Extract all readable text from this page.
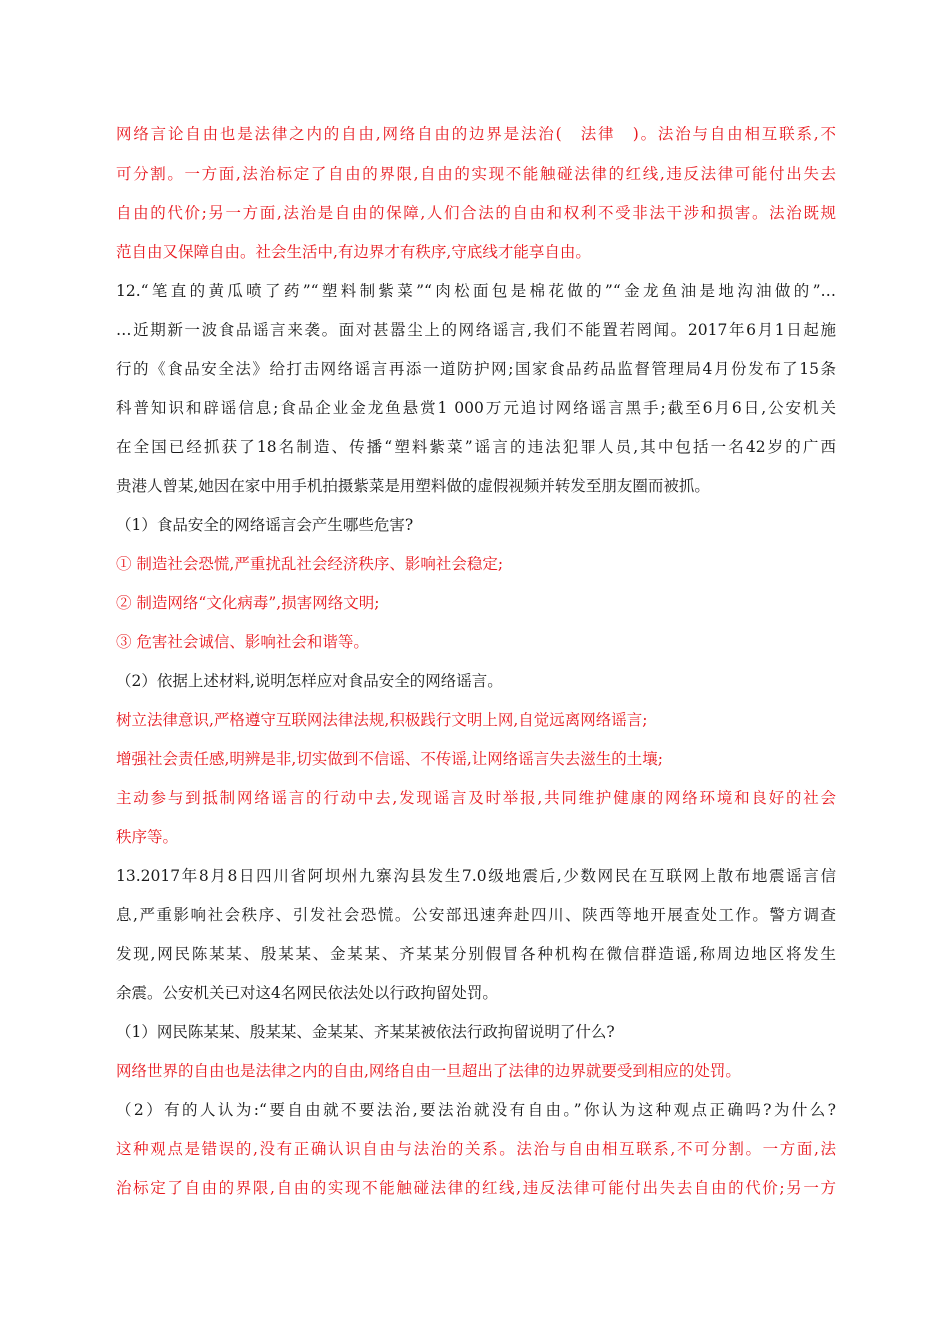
网络言论自由也是法律之内的自由,网络自由的边界是法治(　法律　)。法治与自由相互联系,不
可分割。一方面,法治标定了自由的界限,自由的实现不能触碰法律的红线,违反法律可能付出失去
自由的代价;另一方面,法治是自由的保障,人们合法的自由和权利不受非法干涉和损害。法治既规
范自由又保障自由。社会生活中,有边界才有秩序,守底线才能享自由。
12.“笔直的黄瓜喷了药”“塑料制紫菜”“肉松面包是棉花做的”“金龙鱼油是地沟油做的”…
…近期新一波食品谣言来袭。面对甚嚣尘上的网络谣言,我们不能置若罔闻。2017年6月1日起施
行的《食品安全法》给打击网络谣言再添一道防护网;国家食品药品监督管理局4月份发布了15条
科普知识和辟谣信息;食品企业金龙鱼悬赏1 000万元追讨网络谣言黑手;截至6月6日,公安机关
在全国已经抓获了18名制造、传播“塑料紫菜”谣言的违法犯罪人员,其中包括一名42岁的广西
贵港人曾某,她因在家中用手机拍摄紫菜是用塑料做的虚假视频并转发至朋友圈而被抓。
（1）食品安全的网络谣言会产生哪些危害?
① 制造社会恐慌,严重扰乱社会经济秩序、影响社会稳定;
② 制造网络“文化病毒”,损害网络文明;
③ 危害社会诚信、影响社会和谐等。
（2）依据上述材料,说明怎样应对食品安全的网络谣言。
树立法律意识,严格遵守互联网法律法规,积极践行文明上网,自觉远离网络谣言;
增强社会责任感,明辨是非,切实做到不信谣、不传谣,让网络谣言失去滋生的土壤;
主动参与到抵制网络谣言的行动中去,发现谣言及时举报,共同维护健康的网络环境和良好的社会
秩序等。
13.2017年8月8日四川省阿坝州九寨沟县发生7.0级地震后,少数网民在互联网上散布地震谣言信
息,严重影响社会秩序、引发社会恐慌。公安部迅速奔赴四川、陕西等地开展查处工作。警方调查
发现,网民陈某某、殷某某、金某某、齐某某分别假冒各种机构在微信群造谣,称周边地区将发生
余震。公安机关已对这4名网民依法处以行政拘留处罚。
（1）网民陈某某、殷某某、金某某、齐某某被依法行政拘留说明了什么?
网络世界的自由也是法律之内的自由,网络自由一旦超出了法律的边界就要受到相应的处罚。
（2）有的人认为:“要自由就不要法治,要法治就没有自由。”你认为这种观点正确吗?为什么?
这种观点是错误的,没有正确认识自由与法治的关系。法治与自由相互联系,不可分割。一方面,法
治标定了自由的界限,自由的实现不能触碰法律的红线,违反法律可能付出失去自由的代价;另一方
